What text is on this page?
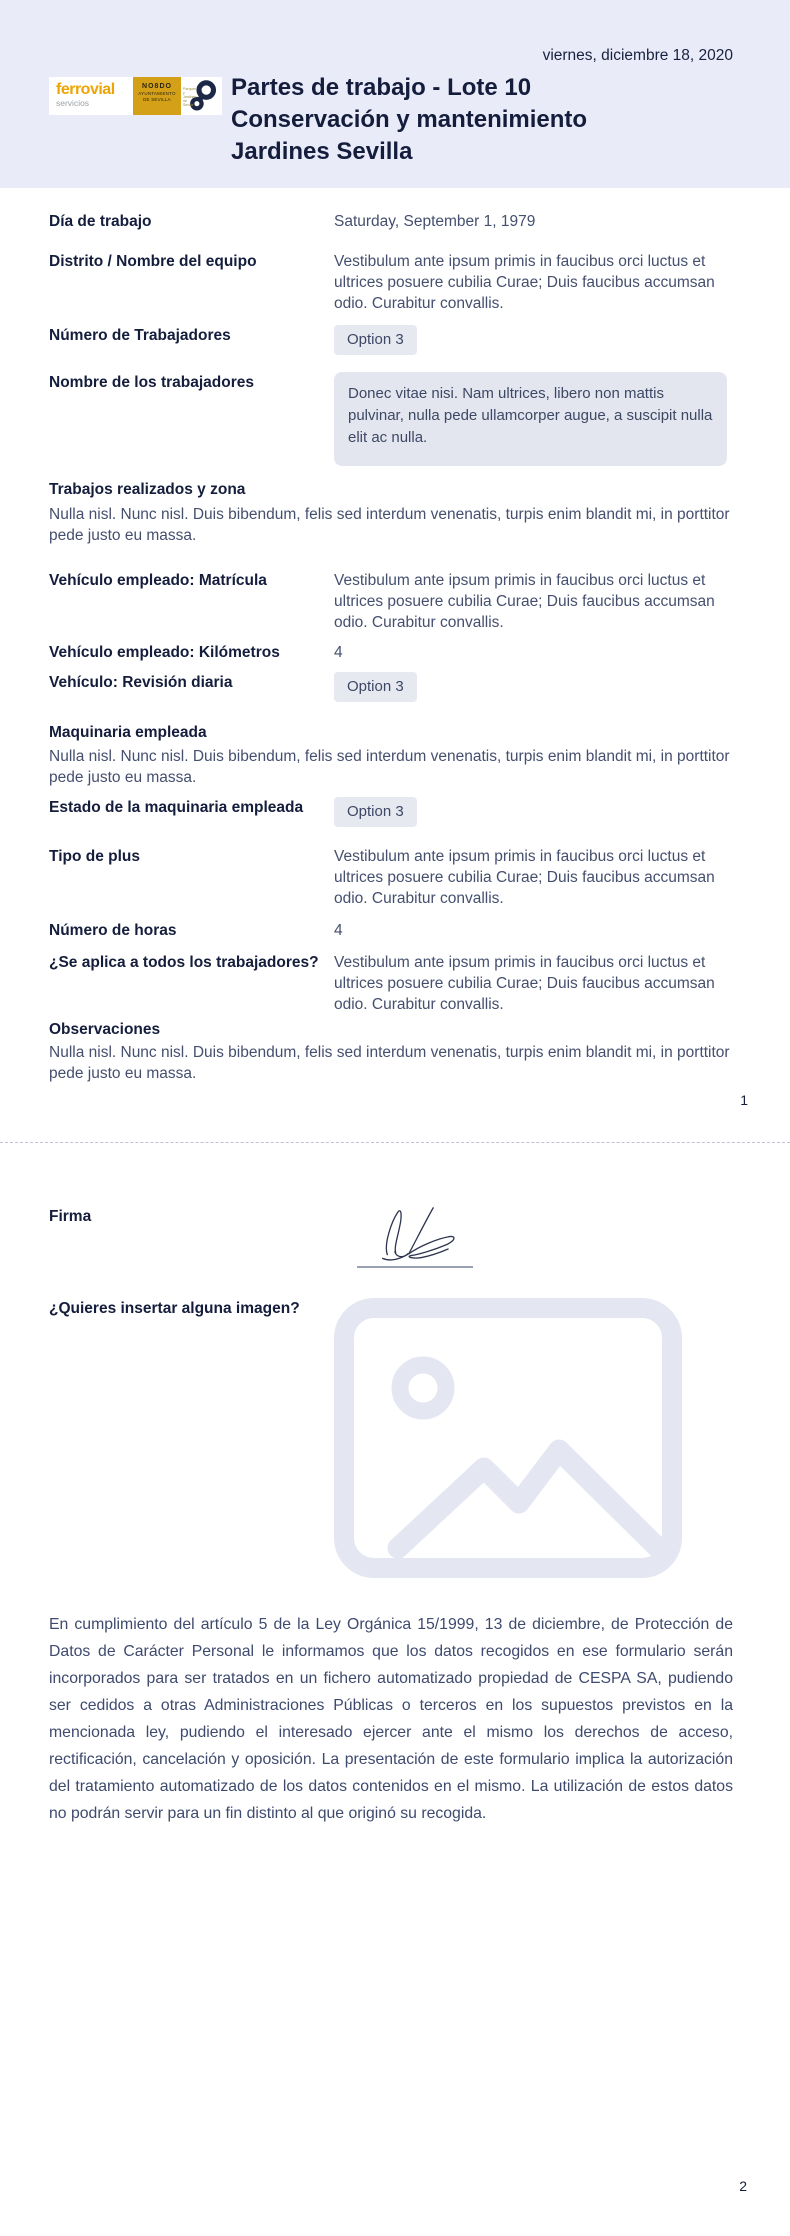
viernes, diciembre 18, 2020
ferrovial
servicios
NO8DO
AYUNTAMIENTO
DE SEVILLA
Parques y Jardines de Sevilla
Partes de trabajo - Lote 10 Conservación y mantenimiento Jardines Sevilla
Día de trabajo	Saturday, September 1, 1979
Distrito / Nombre del equipo	Vestibulum ante ipsum primis in faucibus orci luctus et ultrices posuere cubilia Curae; Duis faucibus accumsan odio. Curabitur convallis.
Número de Trabajadores	Option 3
Nombre de los trabajadores
Donec vitae nisi. Nam ultrices, libero non mattis pulvinar, nulla pede ullamcorper augue, a suscipit nulla elit ac nulla.
Trabajos realizados y zona
Nulla nisl. Nunc nisl. Duis bibendum, felis sed interdum venenatis, turpis enim blandit mi, in porttitor pede justo eu massa.
Vehículo empleado: Matrícula	Vestibulum ante ipsum primis in faucibus orci luctus et ultrices posuere cubilia Curae; Duis faucibus accumsan odio. Curabitur convallis.
Vehículo empleado: Kilómetros	4
Vehículo: Revisión diaria	Option 3
Maquinaria empleada
Nulla nisl. Nunc nisl. Duis bibendum, felis sed interdum venenatis, turpis enim blandit mi, in porttitor pede justo eu massa.
Estado de la maquinaria empleada	Option 3
Tipo de plus	Vestibulum ante ipsum primis in faucibus orci luctus et ultrices posuere cubilia Curae; Duis faucibus accumsan odio. Curabitur convallis.
Número de horas	4
¿Se aplica a todos los trabajadores? Vestibulum ante ipsum primis in faucibus orci luctus et ultrices posuere cubilia Curae; Duis faucibus accumsan odio. Curabitur convallis.
Observaciones
Nulla nisl. Nunc nisl. Duis bibendum, felis sed interdum venenatis, turpis enim blandit mi, in porttitor pede justo eu massa.
1
Firma
¿Quieres insertar alguna imagen?
En cumplimiento del artículo 5 de la Ley Orgánica 15/1999, 13 de diciembre, de Protección de Datos de Carácter Personal le informamos que los datos recogidos en ese formulario serán incorporados para ser tratados en un fichero automatizado propiedad de CESPA SA, pudiendo ser cedidos a otras Administraciones Públicas o terceros en los supuestos previstos en la mencionada ley, pudiendo el interesado ejercer ante el mismo los derechos de acceso, rectificación, cancelación y oposición. La presentación de este formulario implica la autorización del tratamiento automatizado de los datos contenidos en el mismo. La utilización de estos datos no podrán servir para un fin distinto al que originó su recogida.
2
